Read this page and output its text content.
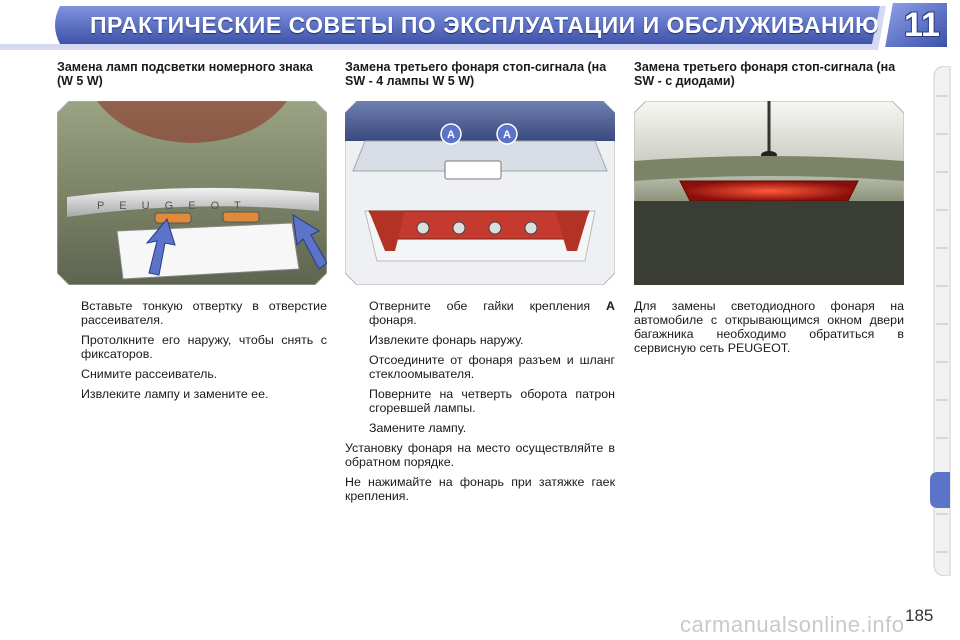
ПРАКТИЧЕСКИЕ СОВЕТЫ ПО ЭКСПЛУАТАЦИИ И ОБСЛУЖИВАНИЮ 11
Замена ламп подсветки номерного знака (W 5 W)
P E U G E O T
Вставьте тонкую отвертку в отверстие рассеивателя.
Протолкните его наружу, чтобы снять с фиксаторов.
Снимите рассеиватель.
Извлеките лампу и замените ее.
Замена третьего фонаря стоп-сигнала (на SW - 4 лампы W 5 W)
A	A
Отверните обе гайки крепления A фонаря.
Извлеките фонарь наружу.
Отсоедините от фонаря разъем и шланг стеклоомывателя.
Поверните на четверть оборота патрон сгоревшей лампы.
Замените лампу.
Установку фонаря на место осуществляйте в обратном порядке.
Не нажимайте на фонарь при затяжке гаек крепления.
Замена третьего фонаря стоп-сигнала (на SW - с диодами)
Для замены светодиодного фонаря на автомобиле с открывающимся окном двери багажника необходимо обратиться в сервисную сеть PEUGEOT.
185
carmanualsonline.info
